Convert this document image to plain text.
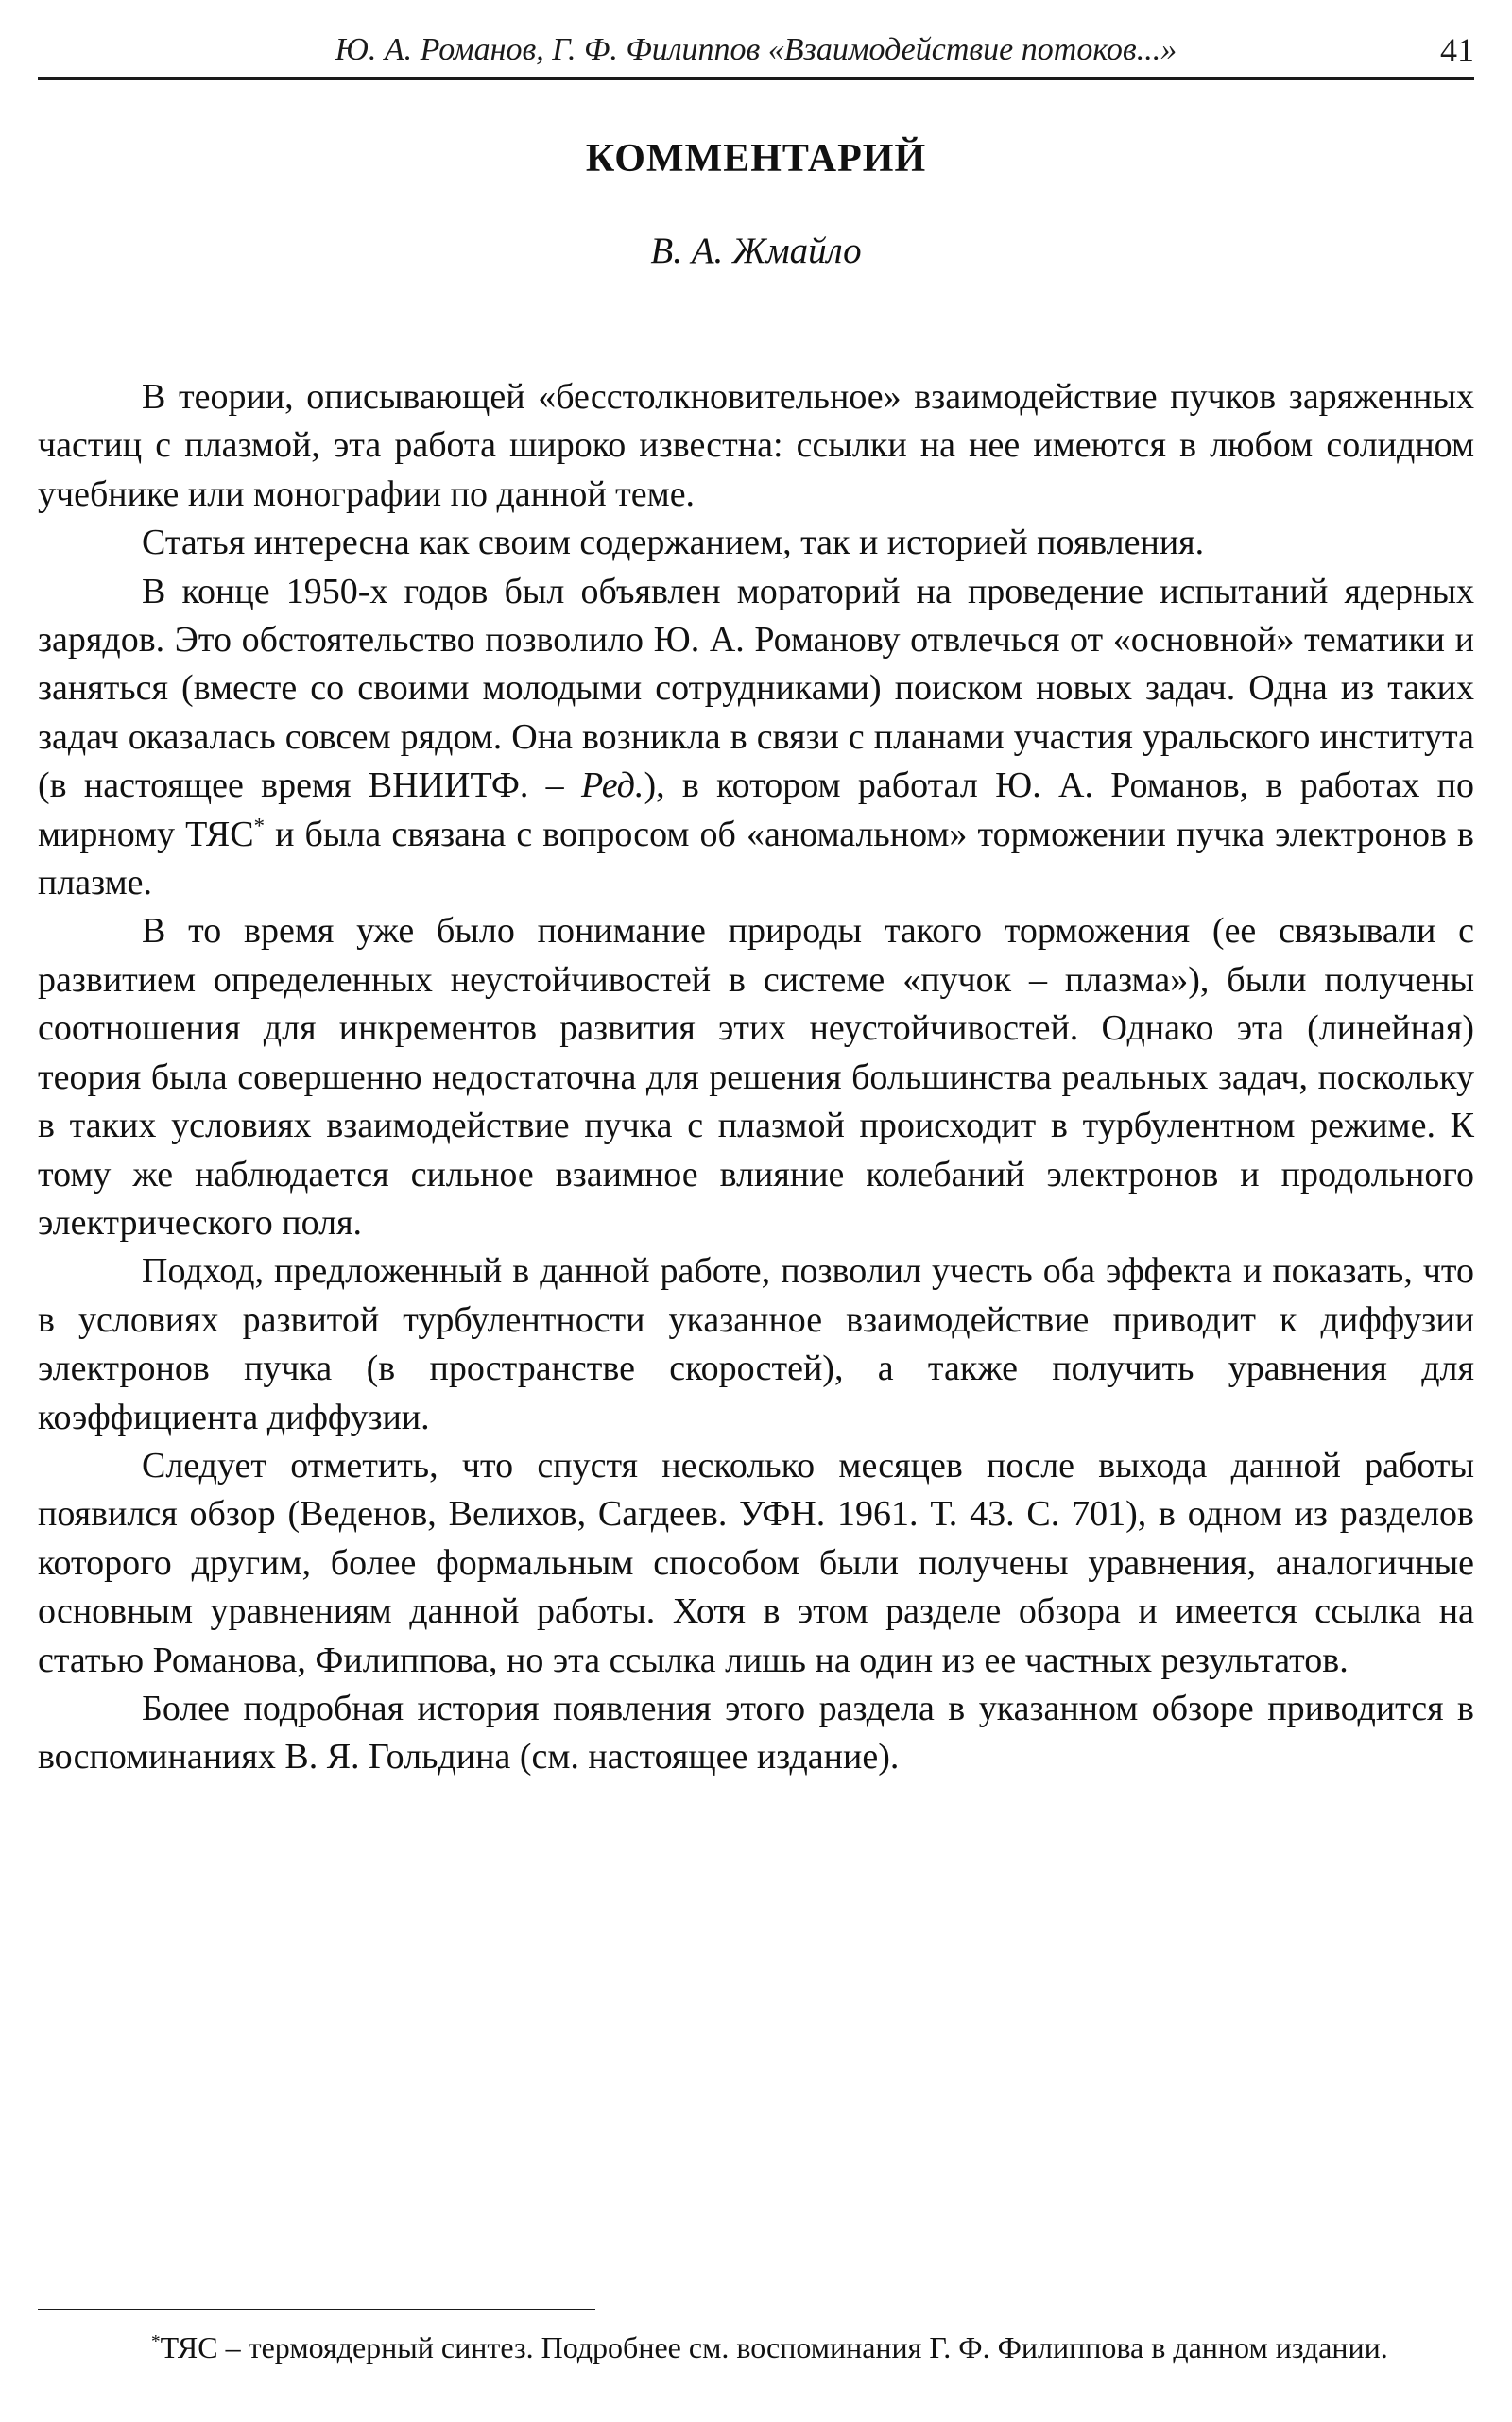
Ю. А. Романов, Г. Ф. Филиппов «Взаимодействие потоков...»	41
КОММЕНТАРИЙ
В. А. Жмайло

В теории, описывающей «бесстолкновительное» взаимодействие пучков заряженных частиц с плазмой, эта работа широко известна: ссылки на нее имеются в любом солидном учебнике или монографии по данной теме.

Статья интересна как своим содержанием, так и историей появления.

В конце 1950-х годов был объявлен мораторий на проведение испытаний ядерных зарядов. Это обстоятельство позволило Ю. А. Романову отвлечься от «основной» тематики и заняться (вместе со своими молодыми сотрудниками) поиском новых задач. Одна из таких задач оказалась совсем рядом. Она возникла в связи с планами участия уральского института (в настоящее время ВНИИТФ. – Ред.), в котором работал Ю. А. Романов, в работах по мирному ТЯС* и была связана с вопросом об «аномальном» торможении пучка электронов в плазме.

В то время уже было понимание природы такого торможения (ее связывали с развитием определенных неустойчивостей в системе «пучок – плазма»), были получены соотношения для инкрементов развития этих неустойчивостей. Однако эта (линейная) теория была совершенно недостаточна для решения большинства реальных задач, поскольку в таких условиях взаимодействие пучка с плазмой происходит в турбулентном режиме. К тому же наблюдается сильное взаимное влияние колебаний электронов и продольного электрического поля.

Подход, предложенный в данной работе, позволил учесть оба эффекта и показать, что в условиях развитой турбулентности указанное взаимодействие приводит к диффузии электронов пучка (в пространстве скоростей), а также получить уравнения для коэффициента диффузии.

Следует отметить, что спустя несколько месяцев после выхода данной работы появился обзор (Веденов, Велихов, Сагдеев. УФН. 1961. Т. 43. С. 701), в одном из разделов которого другим, более формальным способом были получены уравнения, аналогичные основным уравнениям данной работы. Хотя в этом разделе обзора и имеется ссылка на статью Романова, Филиппова, но эта ссылка лишь на один из ее частных результатов.

Более подробная история появления этого раздела в указанном обзоре приводится в воспоминаниях В. Я. Гольдина (см. настоящее издание).

*ТЯС – термоядерный синтез. Подробнее см. воспоминания Г. Ф. Филиппова в данном издании.
